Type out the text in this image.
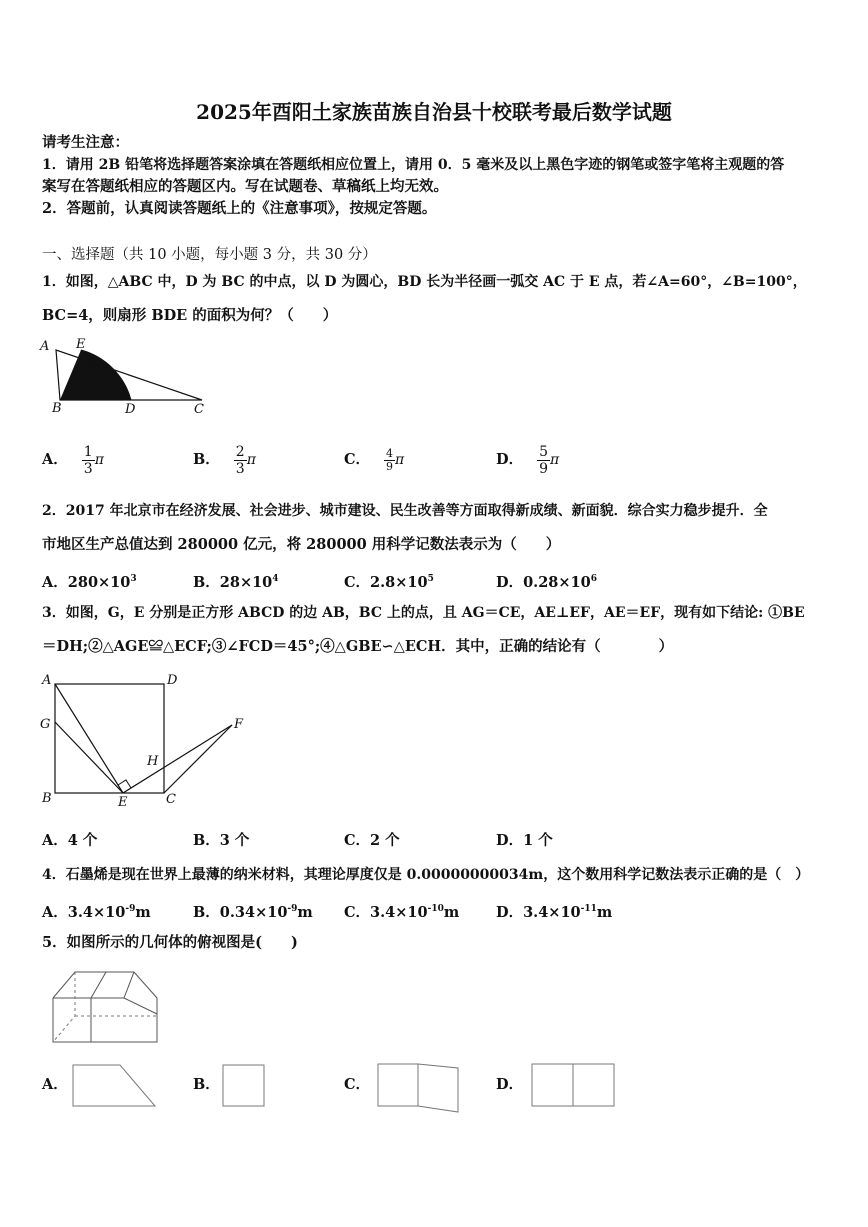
2025年酉阳土家族苗族自治县十校联考最后数学试题
请考生注意：
1．请用 2B 铅笔将选择题答案涂填在答题纸相应位置上，请用 0．5 毫米及以上黑色字迹的钢笔或签字笔将主观题的答
案写在答题纸相应的答题区内。写在试题卷、草稿纸上均无效。
2．答题前，认真阅读答题纸上的《注意事项》，按规定答题。
一、选择题（共 10 小题，每小题 3 分，共 30 分）
1．如图，△ABC 中，D 为 BC 的中点，以 D 为圆心，BD 长为半径画一弧交 AC 于 E 点，若∠A=60°，∠B=100°，
BC=4，则扇形 BDE 的面积为何？（　　）
A E
B	D	C
A． $\frac{1}{3}$ π	B． $\frac{2}{3}$ π	C． $\frac{4}{9}$ π	D． $\frac{5}{9}$ π
2．2017 年北京市在经济发展、社会进步、城市建设、民生改善等方面取得新成绩、新面貌．综合实力稳步提升．全
市地区生产总值达到 280000 亿元，将 280000 用科学记数法表示为（　　）
A．$280\times 10^3$	B．$28\times 10^4$	C．$2.8\times 10^5$	D．$0.28\times 10^6$
3．如图，G，E 分别是正方形 ABCD 的边 AB，BC 上的点，且 AG＝CE，AE⊥EF，AE＝EF，现有如下结论: ①BE
＝DH;②△AGE≌△ECF;③∠FCD＝45°;④△GBE∽△ECH．其中，正确的结论有（　　　　）
A	D
G	F
H
B	E	C
A．4 个	B．3 个	C．2 个	D．1 个
4．石墨烯是现在世界上最薄的纳米材料，其理论厚度仅是 0.00000000034m，这个数用科学记数法表示正确的是（　）
A．$3.4\times 10^{-9}m$	B．$0.34\times 10^{-9}m$ C．$3.4\times 10^{-10}m$	D．$3.4\times 10^{-11}m$
5．如图所示的几何体的俯视图是(　　)
A．	B．	C．	D．
